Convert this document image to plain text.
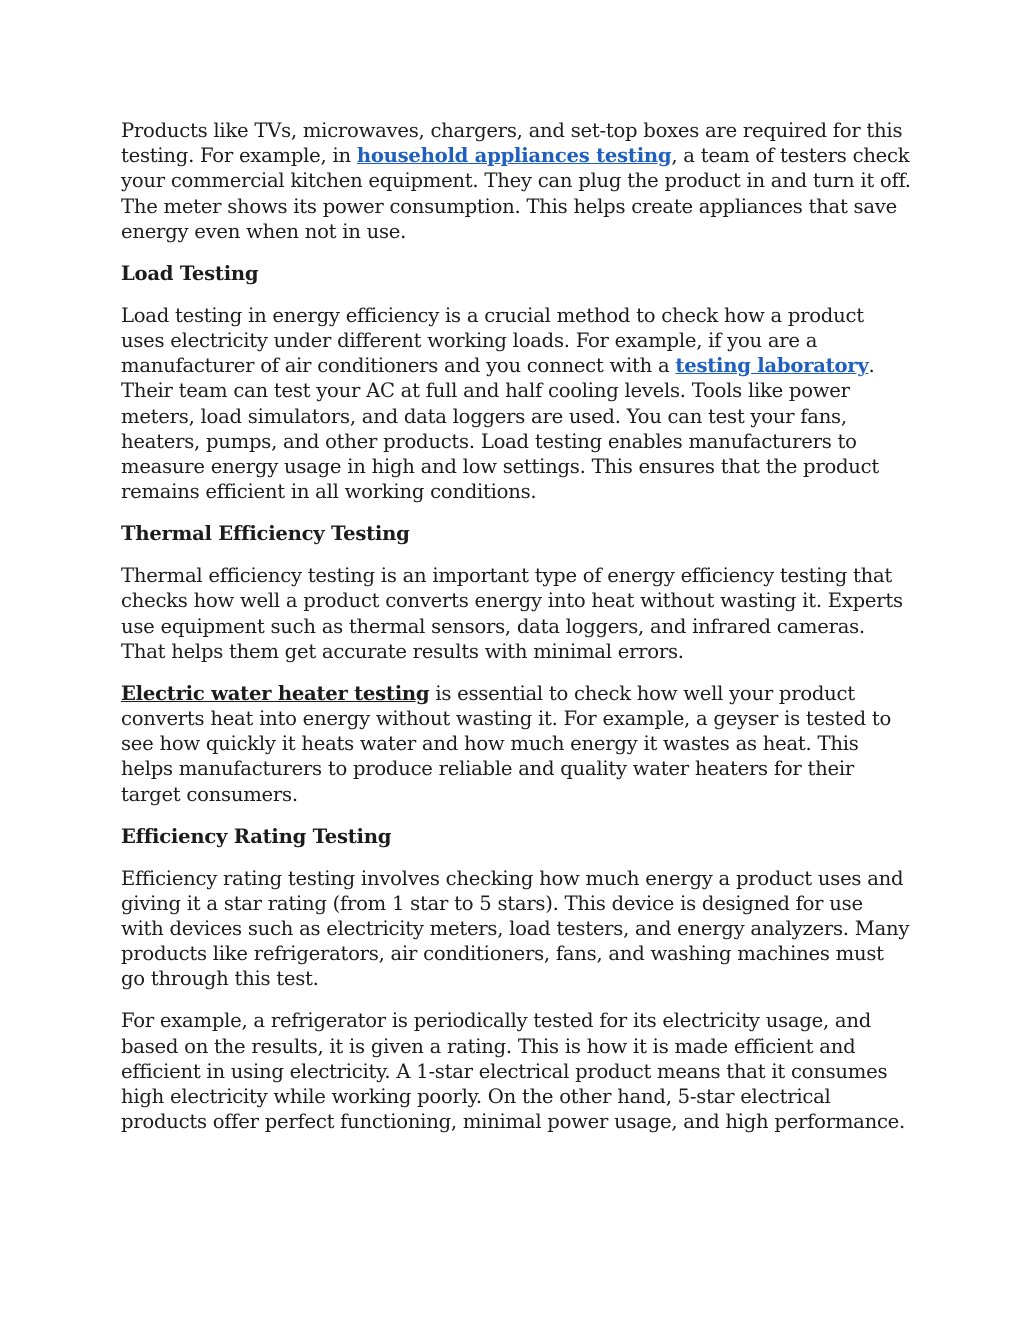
Products like TVs, microwaves, chargers, and set-top boxes are required for this testing. For example, in household appliances testing, a team of testers check your commercial kitchen equipment. They can plug the product in and turn it off. The meter shows its power consumption. This helps create appliances that save energy even when not in use.

Load Testing

Load testing in energy efficiency is a crucial method to check how a product uses electricity under different working loads. For example, if you are a manufacturer of air conditioners and you connect with a testing laboratory. Their team can test your AC at full and half cooling levels. Tools like power meters, load simulators, and data loggers are used. You can test your fans, heaters, pumps, and other products. Load testing enables manufacturers to measure energy usage in high and low settings. This ensures that the product remains efficient in all working conditions.

Thermal Efficiency Testing

Thermal efficiency testing is an important type of energy efficiency testing that checks how well a product converts energy into heat without wasting it. Experts use equipment such as thermal sensors, data loggers, and infrared cameras. That helps them get accurate results with minimal errors.

Electric water heater testing is essential to check how well your product converts heat into energy without wasting it. For example, a geyser is tested to see how quickly it heats water and how much energy it wastes as heat. This helps manufacturers to produce reliable and quality water heaters for their target consumers.

Efficiency Rating Testing

Efficiency rating testing involves checking how much energy a product uses and giving it a star rating (from 1 star to 5 stars). This device is designed for use with devices such as electricity meters, load testers, and energy analyzers. Many products like refrigerators, air conditioners, fans, and washing machines must go through this test.

For example, a refrigerator is periodically tested for its electricity usage, and based on the results, it is given a rating. This is how it is made efficient and efficient in using electricity. A 1-star electrical product means that it consumes high electricity while working poorly. On the other hand, 5-star electrical products offer perfect functioning, minimal power usage, and high performance.
